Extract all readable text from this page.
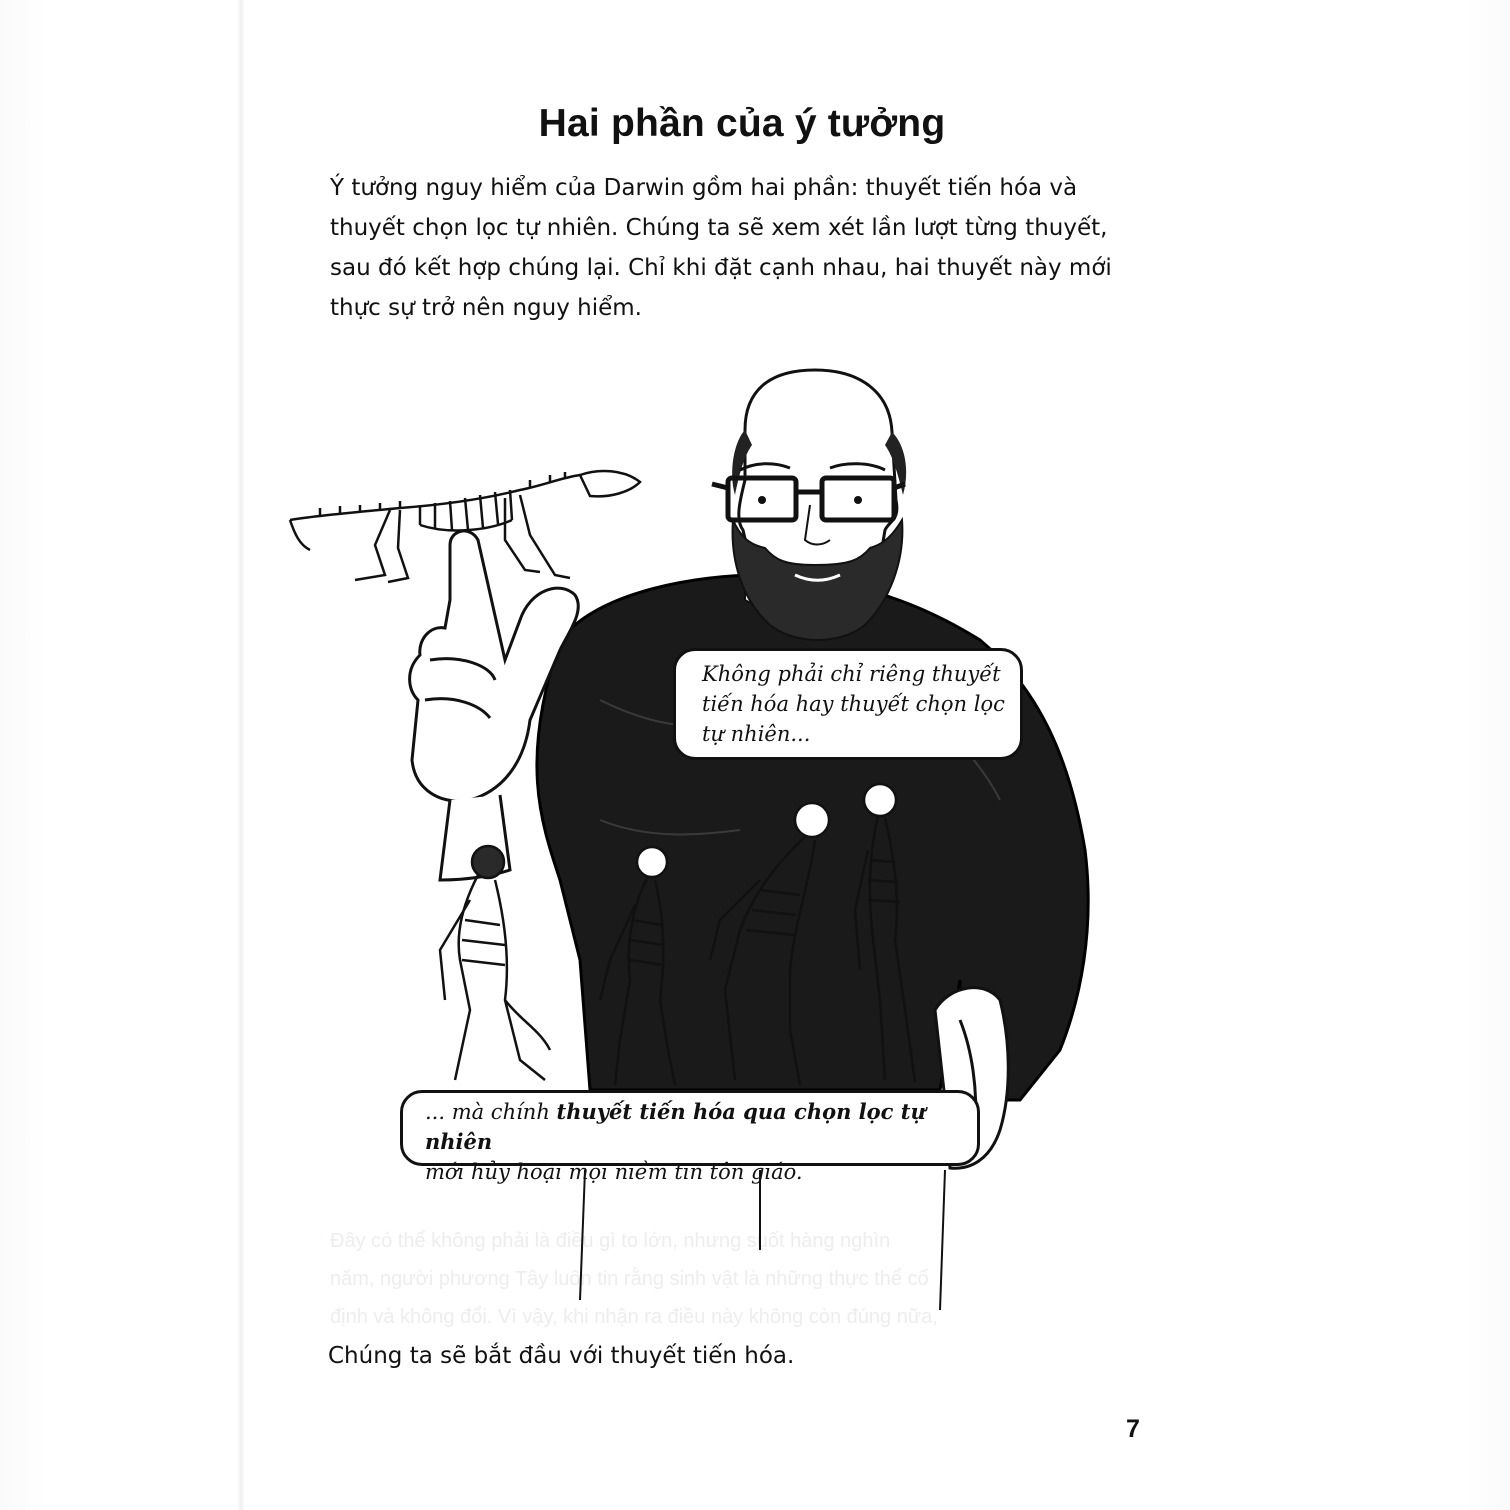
Đây có thể không phải là điều gì to lớn, nhưng suốt hàng nghìn
năm, người phương Tây luôn tin rằng sinh vật là những thực thể cố
định và không đổi. Vì vậy, khi nhận ra điều này không còn đúng nữa,
Hai phần của ý tưởng
Ý tưởng nguy hiểm của Darwin gồm hai phần: thuyết tiến hóa và
thuyết chọn lọc tự nhiên. Chúng ta sẽ xem xét lần lượt từng thuyết,
sau đó kết hợp chúng lại. Chỉ khi đặt cạnh nhau, hai thuyết này mới
thực sự trở nên nguy hiểm.
Không phải chỉ riêng thuyết
tiến hóa hay thuyết chọn lọc
tự nhiên...
... mà chính thuyết tiến hóa qua chọn lọc tự nhiên
mới hủy hoại mọi niềm tin tôn giáo.
Chúng ta sẽ bắt đầu với thuyết tiến hóa.
7
